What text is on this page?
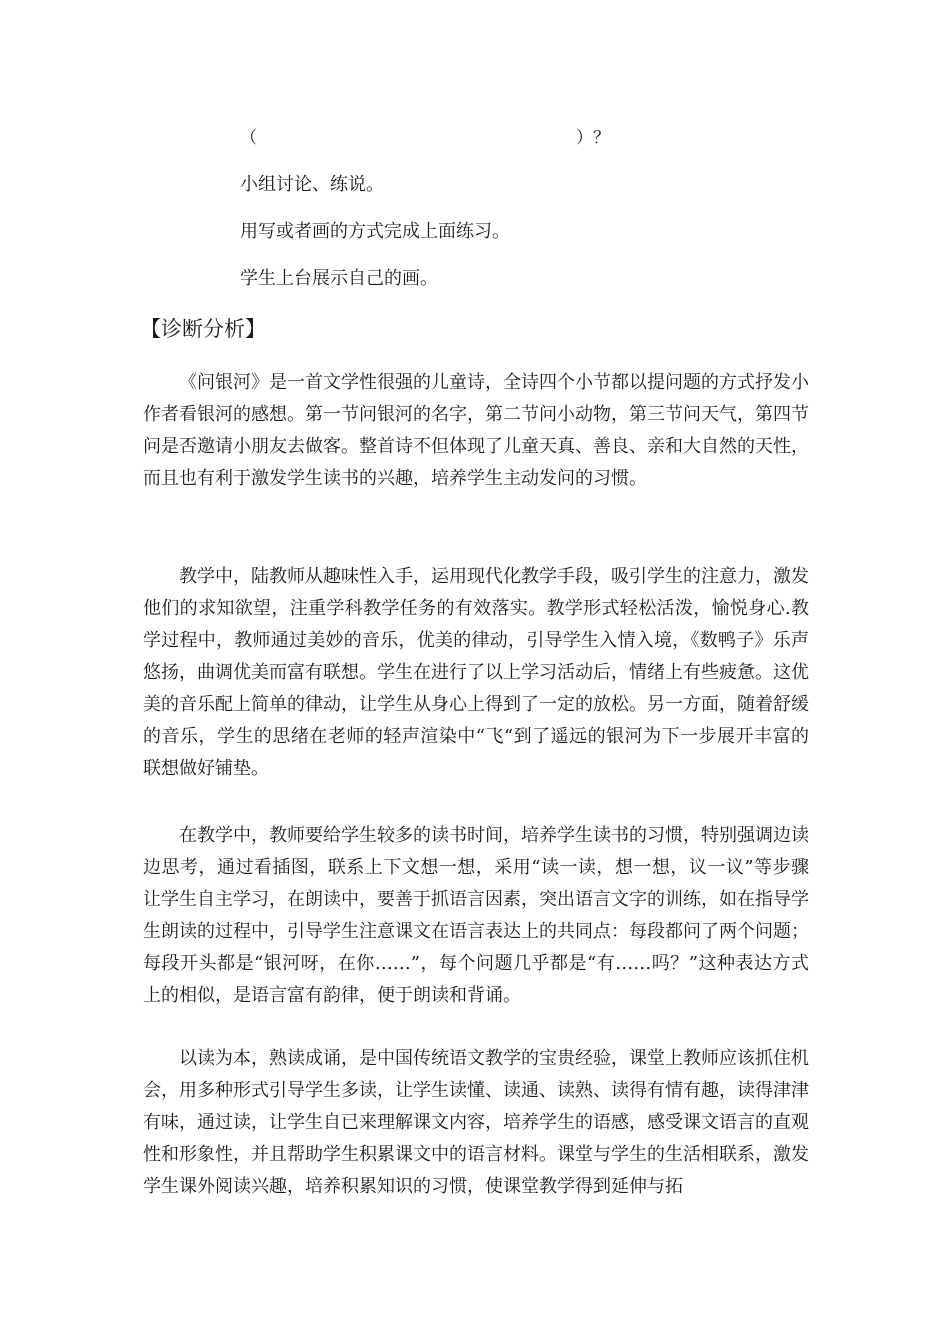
（	）？
小组讨论、练说。
用写或者画的方式完成上面练习。
学生上台展示自己的画。
【诊断分析】

《问银河》是一首文学性很强的儿童诗，全诗四个小节都以提问题的方式抒发小作者看银河的感想。第一节问银河的名字，第二节问小动物，第三节问天气，第四节问是否邀请小朋友去做客。整首诗不但体现了儿童天真、善良、亲和大自然的天性，而且也有利于激发学生读书的兴趣，培养学生主动发问的习惯。

教学中，陆教师从趣味性入手，运用现代化教学手段，吸引学生的注意力，激发他们的求知欲望，注重学科教学任务的有效落实。教学形式轻松活泼，愉悦身心.教学过程中，教师通过美妙的音乐，优美的律动，引导学生入情入境，《数鸭子》乐声悠扬，曲调优美而富有联想。学生在进行了以上学习活动后，情绪上有些疲惫。这优美的音乐配上简单的律动，让学生从身心上得到了一定的放松。另一方面，随着舒缓的音乐，学生的思绪在老师的轻声渲染中“飞“到了遥远的银河为下一步展开丰富的联想做好铺垫。

在教学中，教师要给学生较多的读书时间，培养学生读书的习惯，特别强调边读边思考，通过看插图，联系上下文想一想，采用“读一读，想一想，议一议”等步骤让学生自主学习，在朗读中，要善于抓语言因素，突出语言文字的训练，如在指导学生朗读的过程中，引导学生注意课文在语言表达上的共同点：每段都问了两个问题；每段开头都是“银河呀，在你……”，每个问题几乎都是“有……吗？”这种表达方式上的相似，是语言富有韵律，便于朗读和背诵。

以读为本，熟读成诵，是中国传统语文教学的宝贵经验，课堂上教师应该抓住机会，用多种形式引导学生多读，让学生读懂、读通、读熟、读得有情有趣，读得津津有味，通过读，让学生自已来理解课文内容，培养学生的语感，感受课文语言的直观性和形象性，并且帮助学生积累课文中的语言材料。课堂与学生的生活相联系，激发学生课外阅读兴趣，培养积累知识的习惯，使课堂教学得到延伸与拓
